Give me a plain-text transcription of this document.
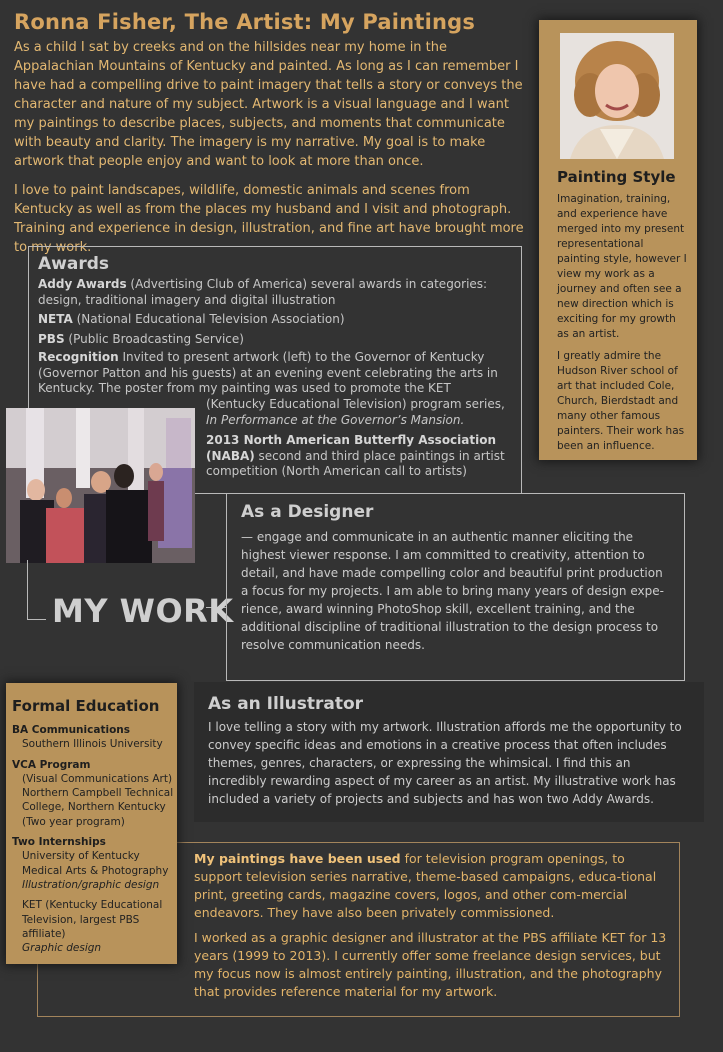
Ronna Fisher, The Artist: My Paintings

As a child I sat by creeks and on the hillsides near my home in the Appalachian Mountains of Kentucky and painted. As long as I can remember I have had a compelling drive to paint imagery that tells a story or conveys the character and nature of my subject. Artwork is a visual language and I want my paintings to describe places, subjects, and moments that communicate with beauty and clarity. The imagery is my narrative. My goal is to make artwork that people enjoy and want to look at more than once.

I love to paint landscapes, wildlife, domestic animals and scenes from Kentucky as well as from the places my husband and I visit and photograph. Training and experience in design, illustration, and fine art have brought more to my work.

Awards
Addy Awards (Advertising Club of America) several awards in categories: design, traditional imagery and digital illustration
NETA (National Educational Television Association)
PBS (Public Broadcasting Service)
Recognition Invited to present artwork (left) to the Governor of Kentucky (Governor Patton and his guests) at an evening event celebrating the arts in Kentucky. The poster from my painting was used to promote the KET
(Kentucky Educational Television) program series,
In Performance at the Governor’s Mansion.
2013 North American Butterfly Association (NABA) second and third place paintings in artist competition (North American call to artists)
MY WORK
As a Designer

— engage and communicate in an authentic manner eliciting the highest viewer response. I am committed to creativity, attention to detail, and have made compelling color and beautiful print production a focus for my projects. I am able to bring many years of design expe-rience, award winning PhotoShop skill, excellent training, and the additional discipline of traditional illustration to the design process to resolve communication needs.

As an Illustrator

I love telling a story with my artwork. Illustration affords me the opportunity to convey specific ideas and emotions in a creative process that often includes themes, genres, characters, or expressing the whimsical. I find this an incredibly rewarding aspect of my career as an artist. My illustrative work has included a variety of projects and subjects and has won two Addy Awards.

My paintings have been used for television program openings, to support television series narrative, theme-based campaigns, educa-tional print, greeting cards, magazine covers, logos, and other com-mercial endeavors. They have also been privately commissioned.

I worked as a graphic designer and illustrator at the PBS affiliate KET for 13 years (1999 to 2013). I currently offer some freelance design services, but my focus now is almost entirely painting, illustration, and the photography that provides reference material for my artwork.

Painting Style

Imagination, training, and experience have merged into my present representational painting style, however I view my work as a journey and often see a new direction which is exciting for my growth as an artist.

I greatly admire the Hudson River school of art that included Cole, Church, Bierdstadt and many other famous painters. Their work has been an influence.

Formal Education
BA Communications
Southern Illinois University
VCA Program
(Visual Communications Art)
Northern Campbell Technical College, Northern Kentucky
(Two year program)
Two Internships
University of Kentucky Medical Arts & Photography
Illustration/graphic design
KET (Kentucky Educational Television, largest PBS affiliate)
Graphic design
